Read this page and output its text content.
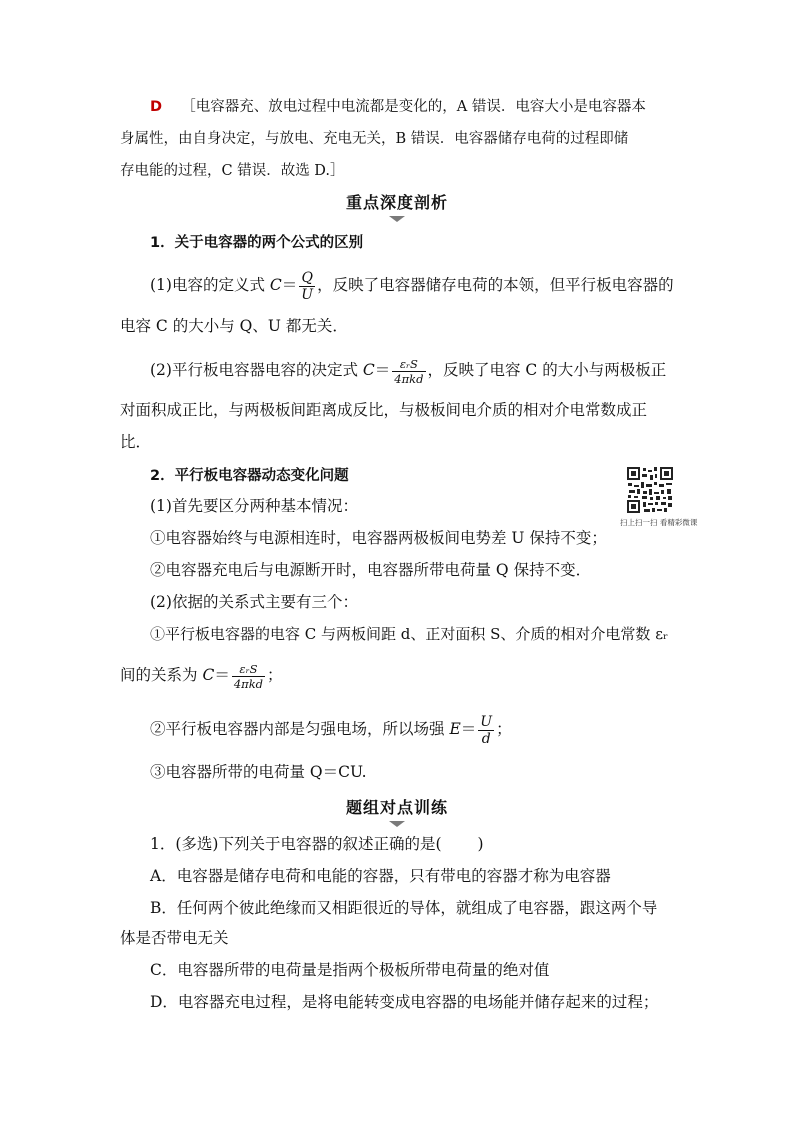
D ［电容器充、放电过程中电流都是变化的，A 错误．电容大小是电容器本
身属性，由自身决定，与放电、充电无关，B 错误．电容器储存电荷的过程即储
存电能的过程，C 错误．故选 D.］
重点深度剖析
1．关于电容器的两个公式的区别
(1)电容的定义式 $C= \frac{Q}{U}$ ，反映了电容器储存电荷的本领，但平行板电容器的
电容 C 的大小与 Q、U 都无关．
(2)平行板电容器电容的决定式 $C= \frac{\text{εᵣS}}{\text{4πkd}}$ ，反映了电容 C 的大小与两极板正
对面积成正比，与两极板间距离成反比，与极板间电介质的相对介电常数成正
比．
2．平行板电容器动态变化问题
(1)首先要区分两种基本情况：
①电容器始终与电源相连时，电容器两极板间电势差 U 保持不变；
②电容器充电后与电源断开时，电容器所带电荷量 Q 保持不变．
(2)依据的关系式主要有三个：
①平行板电容器的电容 C 与两板间距 d、正对面积 S、介质的相对介电常数 εᵣ
间的关系为 $C= \frac{\text{εᵣS}}{\text{4πkd}}$ ；
②平行板电容器内部是匀强电场，所以场强 $E= \frac{U}{d}$ ；
③电容器所带的电荷量 Q＝CU.
扫上扫一扫 看精彩微课
题组对点训练
1．(多选)下列关于电容器的叙述正确的是( )
A．电容器是储存电荷和电能的容器，只有带电的容器才称为电容器
B．任何两个彼此绝缘而又相距很近的导体，就组成了电容器，跟这两个导
体是否带电无关
C．电容器所带的电荷量是指两个极板所带电荷量的绝对值
D．电容器充电过程，是将电能转变成电容器的电场能并储存起来的过程；
